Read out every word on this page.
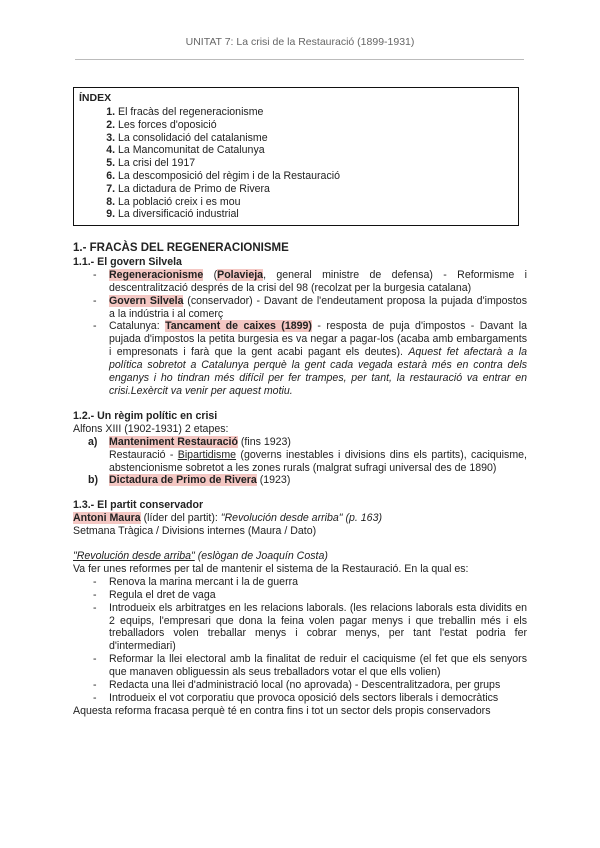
UNITAT 7: La crisi de la Restauració (1899-1931)
ÍNDEX
1. El fracàs del regeneracionisme
2. Les forces d'oposició
3. La consolidació del catalanisme
4. La Mancomunitat de Catalunya
5. La crisi del 1917
6. La descomposició del règim i de la Restauració
7. La dictadura de Primo de Rivera
8. La població creix i es mou
9. La diversificació industrial
1.- FRACÀS DEL REGENERACIONISME
1.1.- El govern Silvela
- Regeneracionisme (Polavieja, general ministre de defensa) - Reformisme i descentralització després de la crisi del 98 (recolzat per la burgesia catalana)
- Govern Silvela (conservador) - Davant de l'endeutament proposa la pujada d'impostos a la indústria i al comerç
- Catalunya: Tancament de caixes (1899) - resposta de puja d'impostos - Davant la pujada d'impostos la petita burgesia es va negar a pagar-los (acaba amb embargaments i empresonats i farà que la gent acabi pagant els deutes). Aquest fet afectarà a la política sobretot a Catalunya perquè la gent cada vegada estarà més en contra dels enganys i ho tindran més difícil per fer trampes, per tant, la restauració va entrar en crisi.Lexèrcit va venir per aquest motiu.
1.2.- Un règim polític en crisi

Alfons XIII (1902-1931) 2 etapes:

a) Manteniment Restauració (fins 1923)
Restauració - Bipartidisme (governs inestables i divisions dins els partits), caciquisme, abstencionisme sobretot a les zones rurals (malgrat sufragi universal des de 1890)
b) Dictadura de Primo de Rivera (1923)
1.3.- El partit conservador

Antoni Maura (líder del partit): "Revolución desde arriba" (p. 163)

Setmana Tràgica / Divisions internes (Maura / Dato)

"Revolución desde arriba" (eslògan de Joaquín Costa)

Va fer unes reformes per tal de mantenir el sistema de la Restauració. En la qual es:

- Renova la marina mercant i la de guerra
- Regula el dret de vaga
- Introdueix els arbitratges en les relacions laborals. (les relacions laborals esta dividits en 2 equips, l'empresari que dona la feina volen pagar menys i que treballin més i els treballadors volen treballar menys i cobrar menys, per tant l'estat podria fer d'intermediari)
- Reformar la llei electoral amb la finalitat de reduir el caciquisme (el fet que els senyors que manaven obliguessin als seus treballadors votar el que ells volien)
- Redacta una llei d'administració local (no aprovada) - Descentralitzadora, per grups
- Introdueix el vot corporatiu que provoca oposició dels sectors liberals i democràtics

Aquesta reforma fracasa perquè té en contra fins i tot un sector dels propis conservadors
